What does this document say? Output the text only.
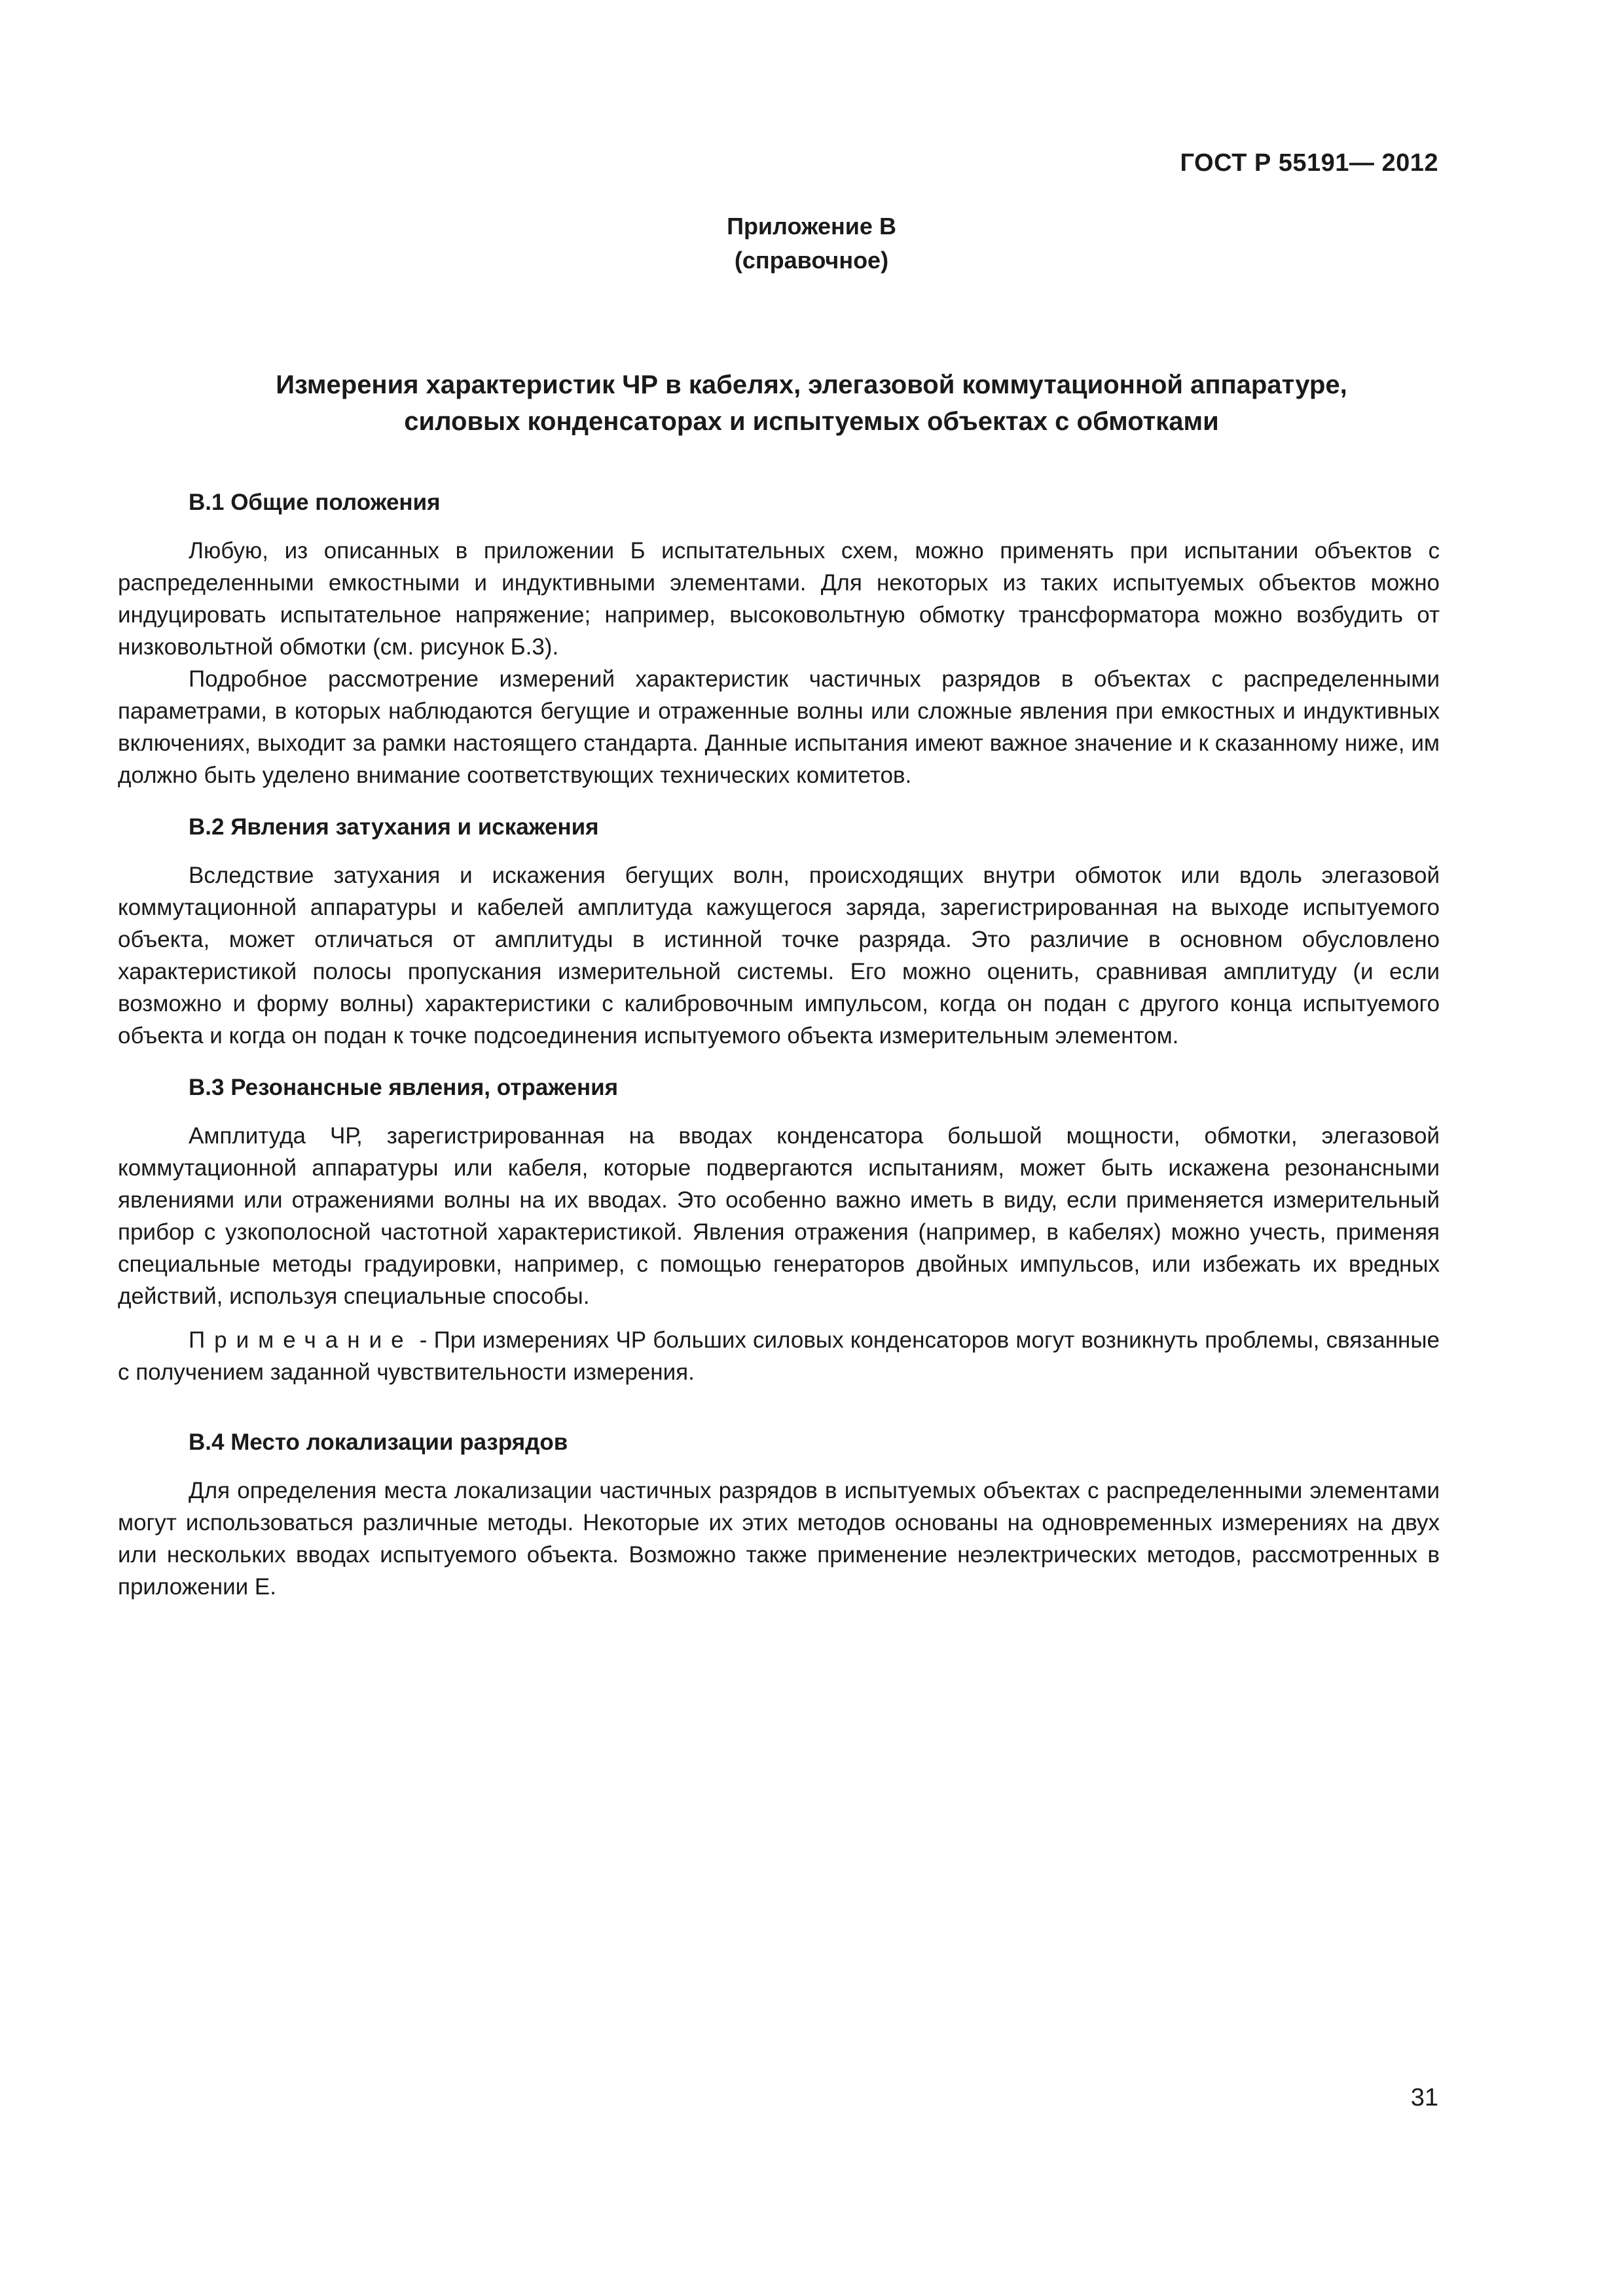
ГОСТ Р 55191— 2012
Приложение В
(справочное)
Измерения характеристик ЧР в кабелях, элегазовой коммутационной аппаратуре,
силовых конденсаторах и испытуемых объектах с обмотками
В.1 Общие положения

Любую, из описанных в приложении Б испытательных схем, можно применять при испытании объектов с распределенными емкостными и индуктивными элементами. Для некоторых из таких испытуемых объектов можно индуцировать испытательное напряжение; например, высоковольтную обмотку трансформатора можно возбудить от низковольтной обмотки (см. рисунок Б.3).

Подробное рассмотрение измерений характеристик частичных разрядов в объектах с распределенными параметрами, в которых наблюдаются бегущие и отраженные волны или сложные явления при емкостных и индуктивных включениях, выходит за рамки настоящего стандарта. Данные испытания имеют важное значение и к сказанному ниже, им должно быть уделено внимание соответствующих технических комитетов.

В.2 Явления затухания и искажения

Вследствие затухания и искажения бегущих волн, происходящих внутри обмоток или вдоль элегазовой коммутационной аппаратуры и кабелей амплитуда кажущегося заряда, зарегистрированная на выходе испытуемого объекта, может отличаться от амплитуды в истинной точке разряда. Это различие в основном обусловлено характеристикой полосы пропускания измерительной системы. Его можно оценить, сравнивая амплитуду (и если возможно и форму волны) характеристики с калибровочным импульсом, когда он подан с другого конца испытуемого объекта и когда он подан к точке подсоединения испытуемого объекта измерительным элементом.

В.3 Резонансные явления, отражения

Амплитуда ЧР, зарегистрированная на вводах конденсатора большой мощности, обмотки, элегазовой коммутационной аппаратуры или кабеля, которые подвергаются испытаниям, может быть искажена резонансными явлениями или отражениями волны на их вводах. Это особенно важно иметь в виду, если применяется измерительный прибор с узкополосной частотной характеристикой. Явления отражения (например, в кабелях) можно учесть, применяя специальные методы градуировки, например, с помощью генераторов двойных импульсов, или избежать их вредных действий, используя специальные способы.

Примечание - При измерениях ЧР больших силовых конденсаторов могут возникнуть проблемы, связанные с получением заданной чувствительности измерения.

В.4 Место локализации разрядов

Для определения места локализации частичных разрядов в испытуемых объектах с распределенными элементами могут использоваться различные методы. Некоторые их этих методов основаны на одновременных измерениях на двух или нескольких вводах испытуемого объекта. Возможно также применение неэлектрических методов, рассмотренных в приложении Е.

31
